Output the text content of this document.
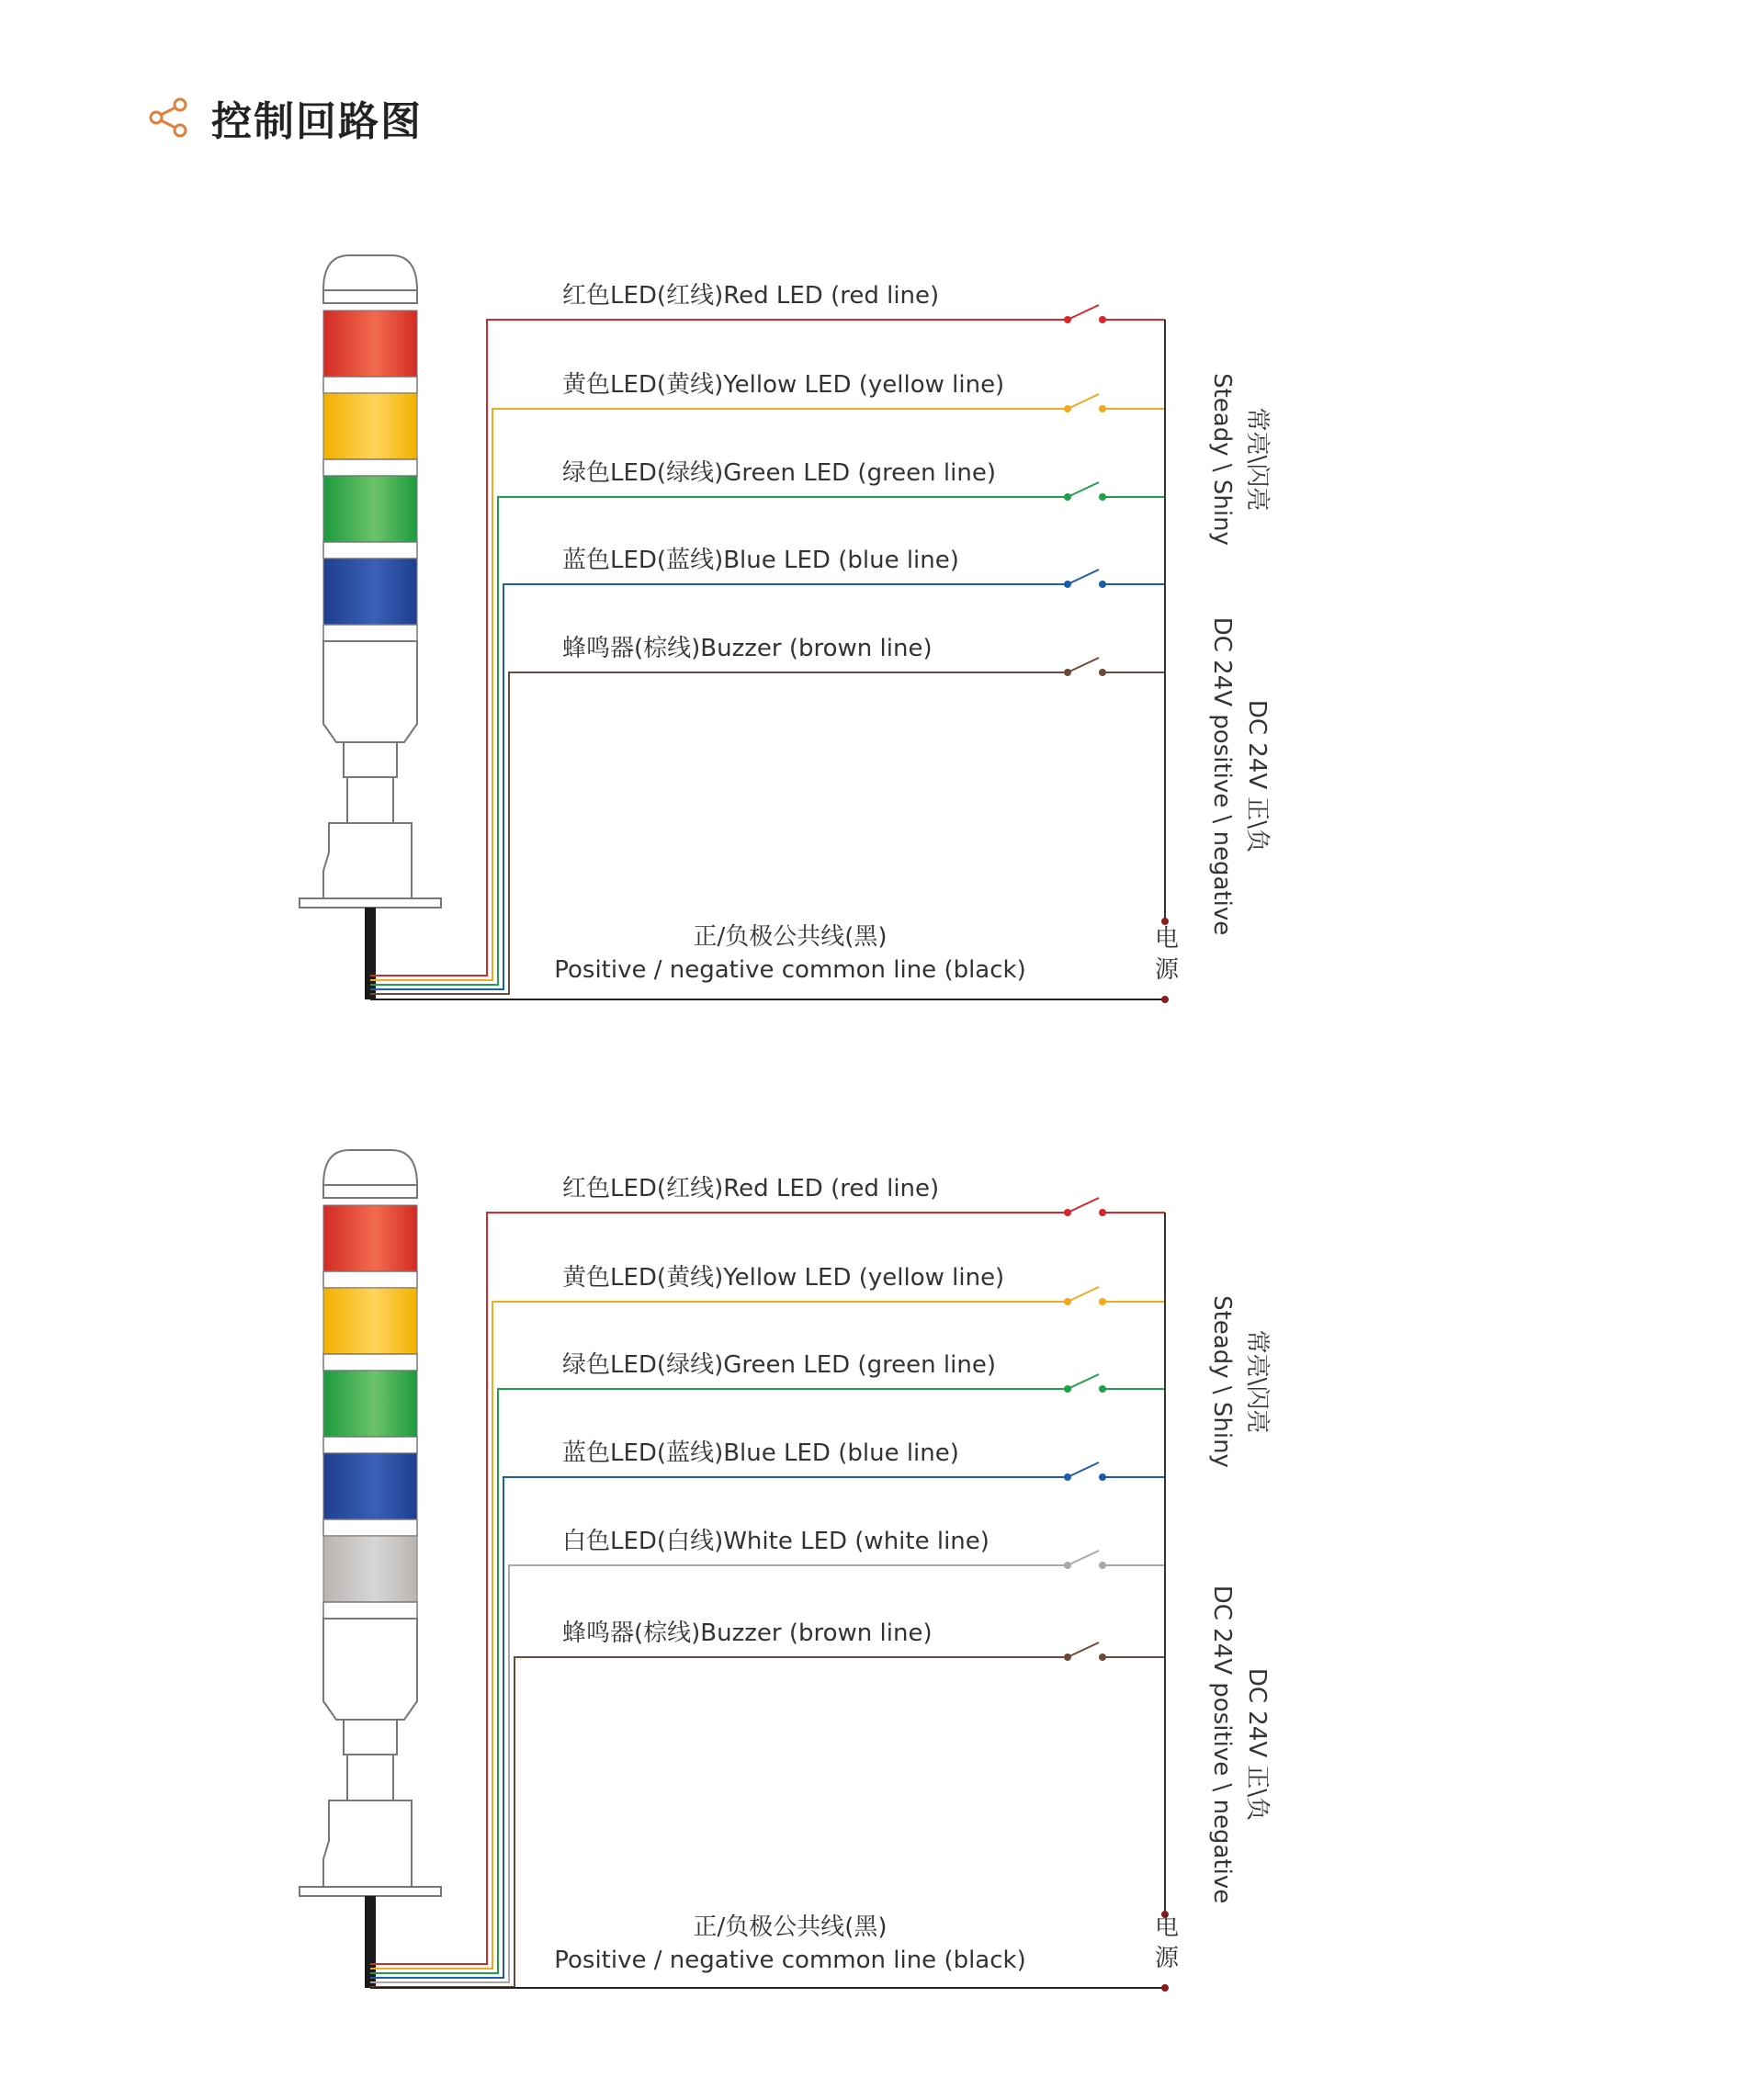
控制回路图
红色LED(红线)Red LED (red line)
黄色LED(黄线)Yellow LED (yellow line)
绿色LED(绿线)Green LED (green line)
蓝色LED(蓝线)Blue LED (blue line)
蜂鸣器(棕线)Buzzer (brown line)
正/负极公共线(黑)
Positive / negative common line (black)
电源
Steady \ Shiny 常亮\闪亮
DC 24V positive \ negative DC 24V 正\负
红色LED(红线)Red LED (red line)
黄色LED(黄线)Yellow LED (yellow line)
绿色LED(绿线)Green LED (green line)
蓝色LED(蓝线)Blue LED (blue line)
白色LED(白线)White LED (white line)
蜂鸣器(棕线)Buzzer (brown line)
正/负极公共线(黑)
Positive / negative common line (black)
电源
Steady \ Shiny 常亮\闪亮
DC 24V positive \ negative DC 24V 正\负
